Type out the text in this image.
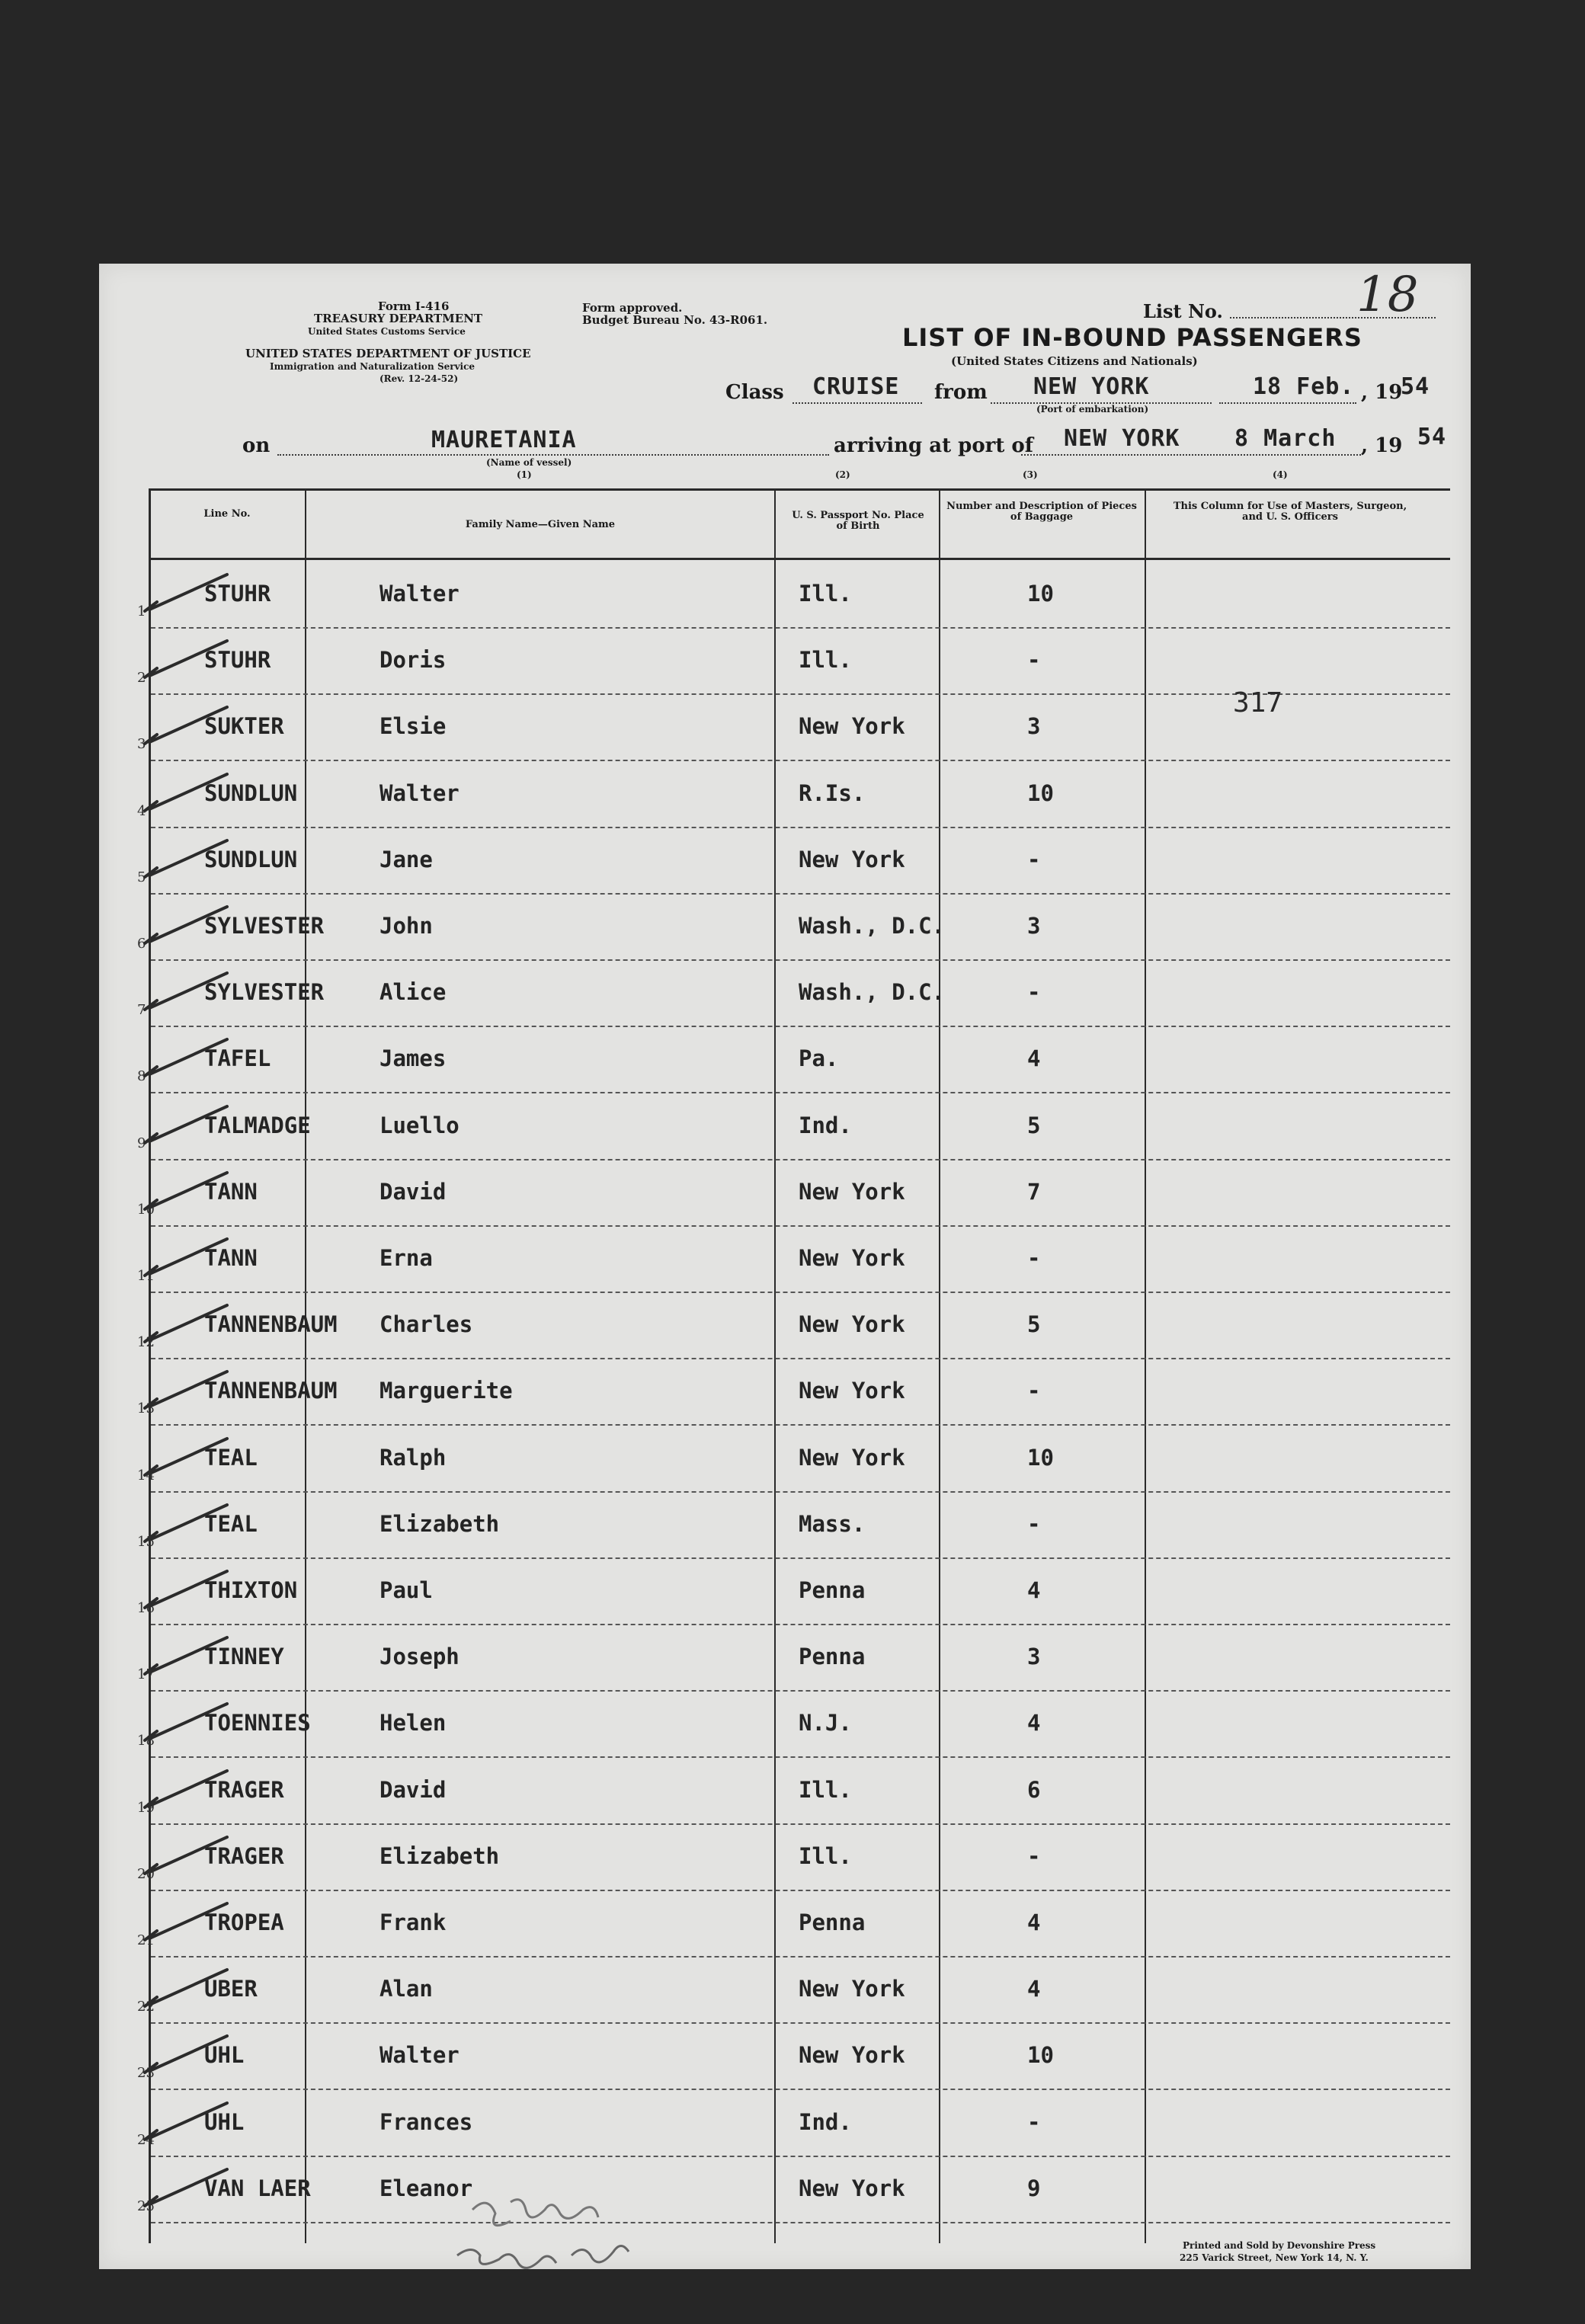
Form I-416
TREASURY DEPARTMENT
United States Customs Service
Form approved.
Budget Bureau No. 43-R061.
UNITED STATES DEPARTMENT OF JUSTICE
Immigration and Naturalization Service
(Rev. 12-24-52)
List No.	18
LIST OF IN-BOUND PASSENGERS
(United States Citizens and Nationals)
Class CRUISE from NEW YORK
(Port of embarkation)
18 Feb. , 19
54
on	MAURETANIA
(Name of vessel)
(1)
arriving at port of NEW YORK 8 March , 19 54
(2)	(3)	(4)
Line No.
Family Name—Given Name
U. S. Passport No. Place of Birth
Number and Description of Pieces of Baggage
This Column for Use of Masters, Surgeon, and U. S. Officers
STUHR	Walter	Ill.	10
1
STUHR	Doris	Ill.	-
2
SUKTER	Elsie	New York	3
3
SUNDLUN	Walter	R.Is.	10
4
SUNDLUN	Jane	New York	-
5
SYLVESTER	John	Wash., D.C.	3
6
SYLVESTER	Alice	Wash., D.C.	-
7
TAFEL	James	Pa.	4
8
TALMADGE	Luello	Ind.	5
9
TANN	David	New York	7
10
TANN	Erna	New York	-
11
TANNENBAUM Charles	New York	5
12
TANNENBAUM Marguerite	New York	-
13
TEAL	Ralph	New York	10
14
TEAL	Elizabeth	Mass.	-
15
THIXTON	Paul	Penna	4
16
TINNEY	Joseph	Penna	3
17
TOENNIES	Helen	N.J.	4
18
TRAGER	David	Ill.	6
19
TRAGER	Elizabeth	Ill.	-
20
TROPEA	Frank	Penna	4
21
UBER	Alan	New York	4
22
UHL	Walter	New York	10
23
UHL	Frances	Ind.	-
24
VAN LAER	Eleanor	New York	9
25
317
Printed and Sold by Devonshire Press
225 Varick Street, New York 14, N. Y.
